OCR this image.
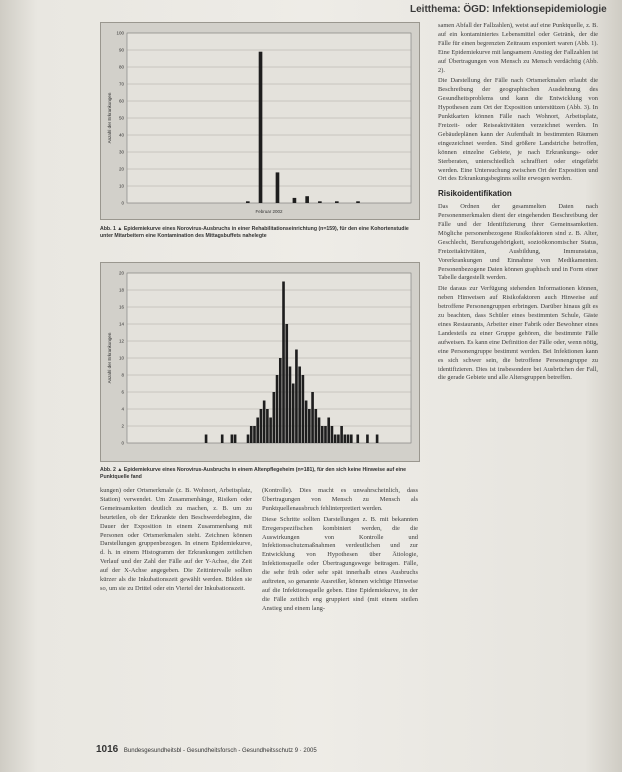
Leitthema: ÖGD: Infektionsepidemiologie
0
10
20
30
40
50
60
70
80
90
100
Anzahl der Erkrankungen
Februar 2002
Abb. 1 ▲ Epidemiekurve eines Norovirus-Ausbruchs in einer Rehabilitationseinrichtung (n=159), für den eine Kohortenstudie unter Mitarbeitern eine Kontamination des Mittagsbuffets nahelegte
0
2
4
6
8
10
12
14
16
18
20
Anzahl der Erkrankungen
Abb. 2 ▲ Epidemiekurve eines Norovirus-Ausbruchs in einem Altenpflegeheim (n=181), für den sich keine Hinweise auf eine Punktquelle fand

kungen) oder Ortsmerkmale (z. B. Wohnort, Arbeitsplatz, Station) verwendet. Um Zusammenhänge, Risiken oder Gemeinsamkeiten deutlich zu machen, z. B. um zu beurteilen, ob der Erkrankte den Beschwerdebeginn, die Dauer der Exposition in einem Zusammenhang mit Personen oder Ortsmerkmalen steht. Zeichnen können Darstellungen gruppenbezogen. In einem Epidemiekurve, d. h. in einem Histogramm der Erkrankungen zeitlichen Verlauf und der Zahl der Fälle auf der Y-Achse, die Zeit auf der X-Achse angegeben. Die Zeitintervalle sollten kürzer als die Inkubationszeit gewählt werden. Bilden sie so, um sie zu Drittel oder ein Viertel der Inkubationszeit.

(Kontrolle). Dies macht es unwahrscheinlich, dass Übertragungen von Mensch zu Mensch als Punktquellenausbruch fehlinterpretiert werden.

Diese Schritte sollten Darstellungen z. B. mit bekannten Erregerspezifischen kombiniert werden, die die Auswirkungen von Kontrolle und Infektionsschutzmaßnahmen verdeutlichen und zur Entwicklung von Hypothesen über Ätiologie, Infektionsquelle oder Übertragungswege beitragen. Fälle, die sehr früh oder sehr spät innerhalb eines Ausbruchs auftreten, so genannte Ausreißer, können wichtige Hinweise auf die Infektionsquelle geben. Eine Epidemiekurve, in der die Fälle zeitlich eng gruppiert sind (mit einem steilen Anstieg und einem lang-

samen Abfall der Fallzahlen), weist auf eine Punktquelle, z. B. auf ein kontaminiertes Lebensmittel oder Getränk, der die Fälle für einen begrenzten Zeitraum exponiert waren (Abb. 1). Eine Epidemiekurve mit langsamem Anstieg der Fallzahlen ist auf Übertragungen von Mensch zu Mensch verdächtig (Abb. 2).

Die Darstellung der Fälle nach Ortsmerkmalen erlaubt die Beschreibung der geographischen Ausdehnung des Gesundheitsproblems und kann die Entwicklung von Hypothesen zum Ort der Exposition unterstützen (Abb. 3). In Punktkarten können Fälle nach Wohnort, Arbeitsplatz, Freizeit- oder Reiseaktivitäten verzeichnet werden. In Gebäudeplänen kann der Aufenthalt in bestimmten Räumen eingezeichnet werden. Sind größere Landstriche betroffen, können einzelne Gebiete, je nach Erkrankungs- oder Sterberaten, unterschiedlich schraffiert oder eingefärbt werden. Eine Untersuchung zwischen Ort der Exposition und Ort des Erkrankungsbeginns sollte erwogen werden.

Risikoidentifikation

Das Ordnen der gesammelten Daten nach Personenmerkmalen dient der eingehenden Beschreibung der Fälle und der Identifizierung ihrer Gemeinsamkeiten. Mögliche personenbezogene Risikofaktoren sind z. B. Alter, Geschlecht, Berufszugehörigkeit, sozioökonomischer Status, Freizeitaktivitäten, Ausbildung, Immunstatus, Vorerkrankungen und Einnahme von Medikamenten. Personenbezogene Daten können graphisch und in Form einer Tabelle dargestellt werden.

Die daraus zur Verfügung stehenden Informationen können, neben Hinweisen auf Risikofaktoren auch Hinweise auf betroffene Personengruppen erbringen. Darüber hinaus gilt es zu beachten, dass Schüler eines bestimmten Schule, Gäste eines Restaurants, Arbeiter einer Fabrik oder Bewohner eines Landesteils zu einer Gruppe gehören, die bestimmte Fälle aufweisen. Es kann eine Definition der Fälle oder, wenn nötig, eine Personengruppe bestimmt werden. Bei Infektionen kann es sich schwer sein, die betroffene Personengruppe zu identifizieren. Dies ist insbesondere bei Ausbrüchen der Fall, die gerade Gebiete und alle Altersgruppen betreffen.

1016 Bundesgesundheitsbl - Gesundheitsforsch - Gesundheitsschutz 9 · 2005
